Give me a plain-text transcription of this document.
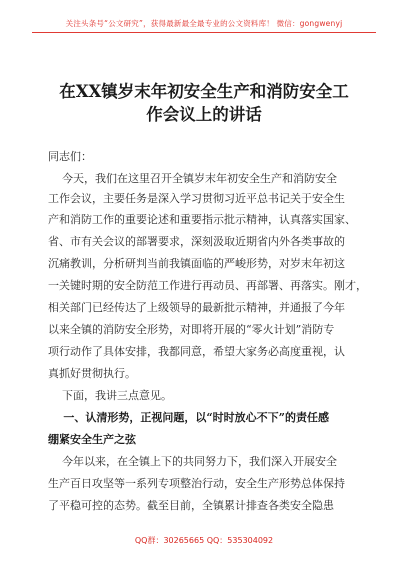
关注头条号“公文研究”，获得最新最全最专业的公文资料库！ 微信：gongwenyj
在XX镇岁末年初安全生产和消防安全工
作会议上的讲话
同志们：
今天，我们在这里召开全镇岁末年初安全生产和消防安全
工作会议，主要任务是深入学习贯彻习近平总书记关于安全生
产和消防工作的重要论述和重要指示批示精神，认真落实国家、
省、市有关会议的部署要求，深刻汲取近期省内外各类事故的
沉痛教训，分析研判当前我镇面临的严峻形势，对岁末年初这
一关键时期的安全防范工作进行再动员、再部署、再落实。刚才，
相关部门已经传达了上级领导的最新批示精神，并通报了今年
以来全镇的消防安全形势，对即将开展的“零火计划”消防专
项行动作了具体安排，我都同意，希望大家务必高度重视，认
真抓好贯彻执行。
下面，我讲三点意见。
一、认清形势，正视问题，以“时时放心不下”的责任感
绷紧安全生产之弦
今年以来，在全镇上下的共同努力下，我们深入开展安全
生产百日攻坚等一系列专项整治行动，安全生产形势总体保持
了平稳可控的态势。截至目前，全镇累计排查各类安全隐患
QQ群：30265665 QQ：535304092
